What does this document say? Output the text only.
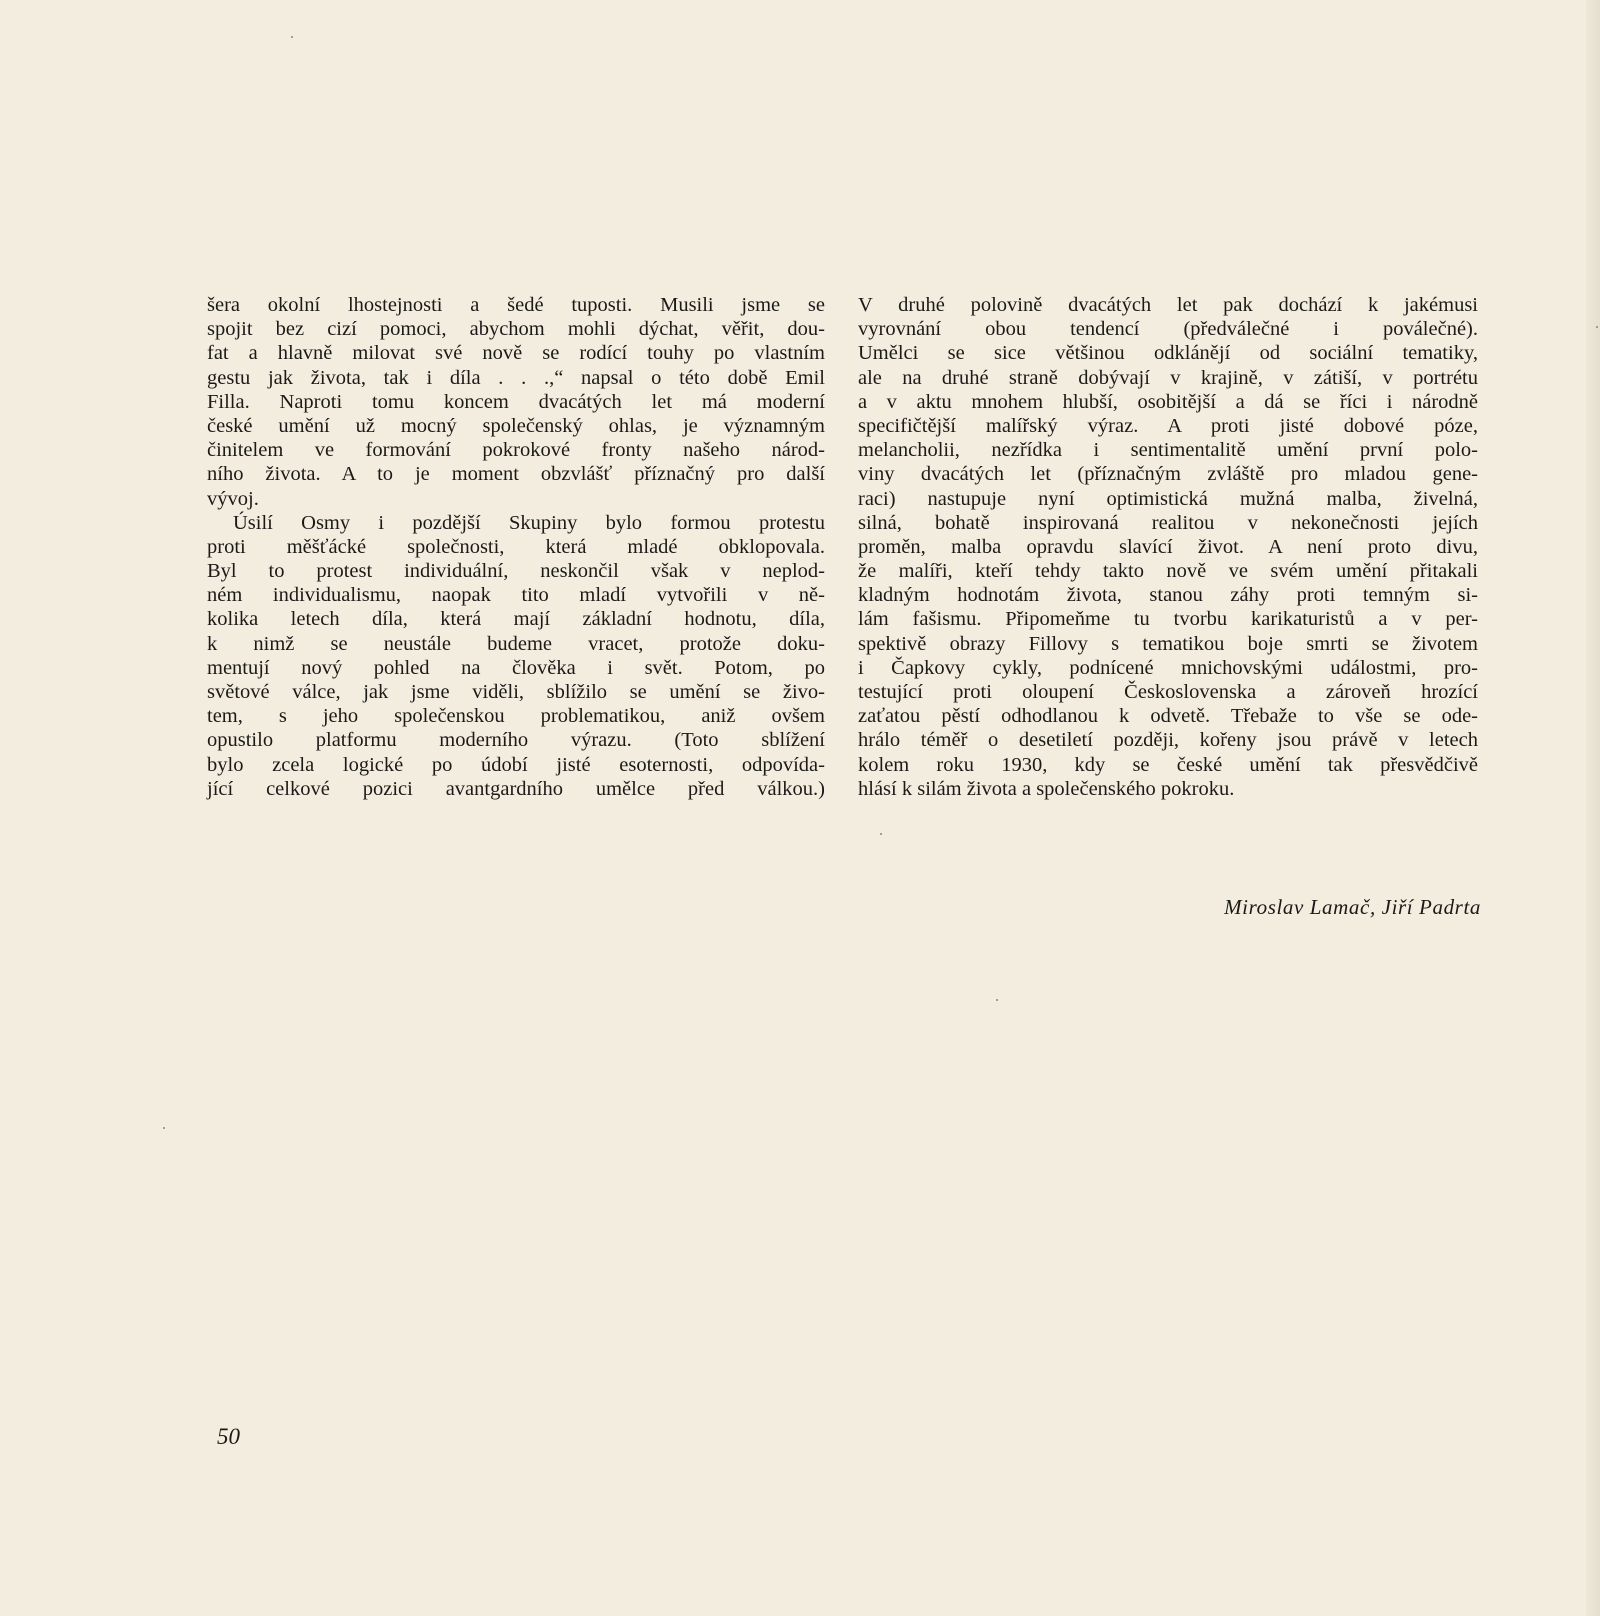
šera okolní lhostejnosti a šedé tuposti. Musili jsme se
spojit bez cizí pomoci, abychom mohli dýchat, věřit, dou-
fat a hlavně milovat své nově se rodící touhy po vlastním
gestu jak života, tak i díla . . .,“ napsal o této době Emil
Filla. Naproti tomu koncem dvacátých let má moderní
české umění už mocný společenský ohlas, je významným
činitelem ve formování pokrokové fronty našeho národ-
ního života. A to je moment obzvlášť příznačný pro další
vývoj.
Úsilí Osmy i pozdější Skupiny bylo formou protestu
proti měšťácké společnosti, která mladé obklopovala.
Byl to protest individuální, neskončil však v neplod-
ném individualismu, naopak tito mladí vytvořili v ně-
kolika letech díla, která mají základní hodnotu, díla,
k nimž se neustále budeme vracet, protože doku-
mentují nový pohled na člověka i svět. Potom, po
světové válce, jak jsme viděli, sblížilo se umění se živo-
tem, s jeho společenskou problematikou, aniž ovšem
opustilo platformu moderního výrazu. (Toto sblížení
bylo zcela logické po údobí jisté esoternosti, odpovída-
jící celkové pozici avantgardního umělce před válkou.)
V druhé polovině dvacátých let pak dochází k jakémusi
vyrovnání obou tendencí (předválečné i poválečné).
Umělci se sice většinou odklánějí od sociální tematiky,
ale na druhé straně dobývají v krajině, v zátiší, v portrétu
a v aktu mnohem hlubší, osobitější a dá se říci i národně
specifičtější malířský výraz. A proti jisté dobové póze,
melancholii, nezřídka i sentimentalitě umění první polo-
viny dvacátých let (příznačným zvláště pro mladou gene-
raci) nastupuje nyní optimistická mužná malba, živelná,
silná, bohatě inspirovaná realitou v nekonečnosti jejích
proměn, malba opravdu slavící život. A není proto divu,
že malíři, kteří tehdy takto nově ve svém umění přitakali
kladným hodnotám života, stanou záhy proti temným si-
lám fašismu. Připomeňme tu tvorbu karikaturistů a v per-
spektivě obrazy Fillovy s tematikou boje smrti se životem
i Čapkovy cykly, podnícené mnichovskými událostmi, pro-
testující proti oloupení Československa a zároveň hrozící
zaťatou pěstí odhodlanou k odvetě. Třebaže to vše se ode-
hrálo téměř o desetiletí později, kořeny jsou právě v letech
kolem roku 1930, kdy se české umění tak přesvědčivě
hlásí k silám života a společenského pokroku.
Miroslav Lamač, Jiří Padrta
50
